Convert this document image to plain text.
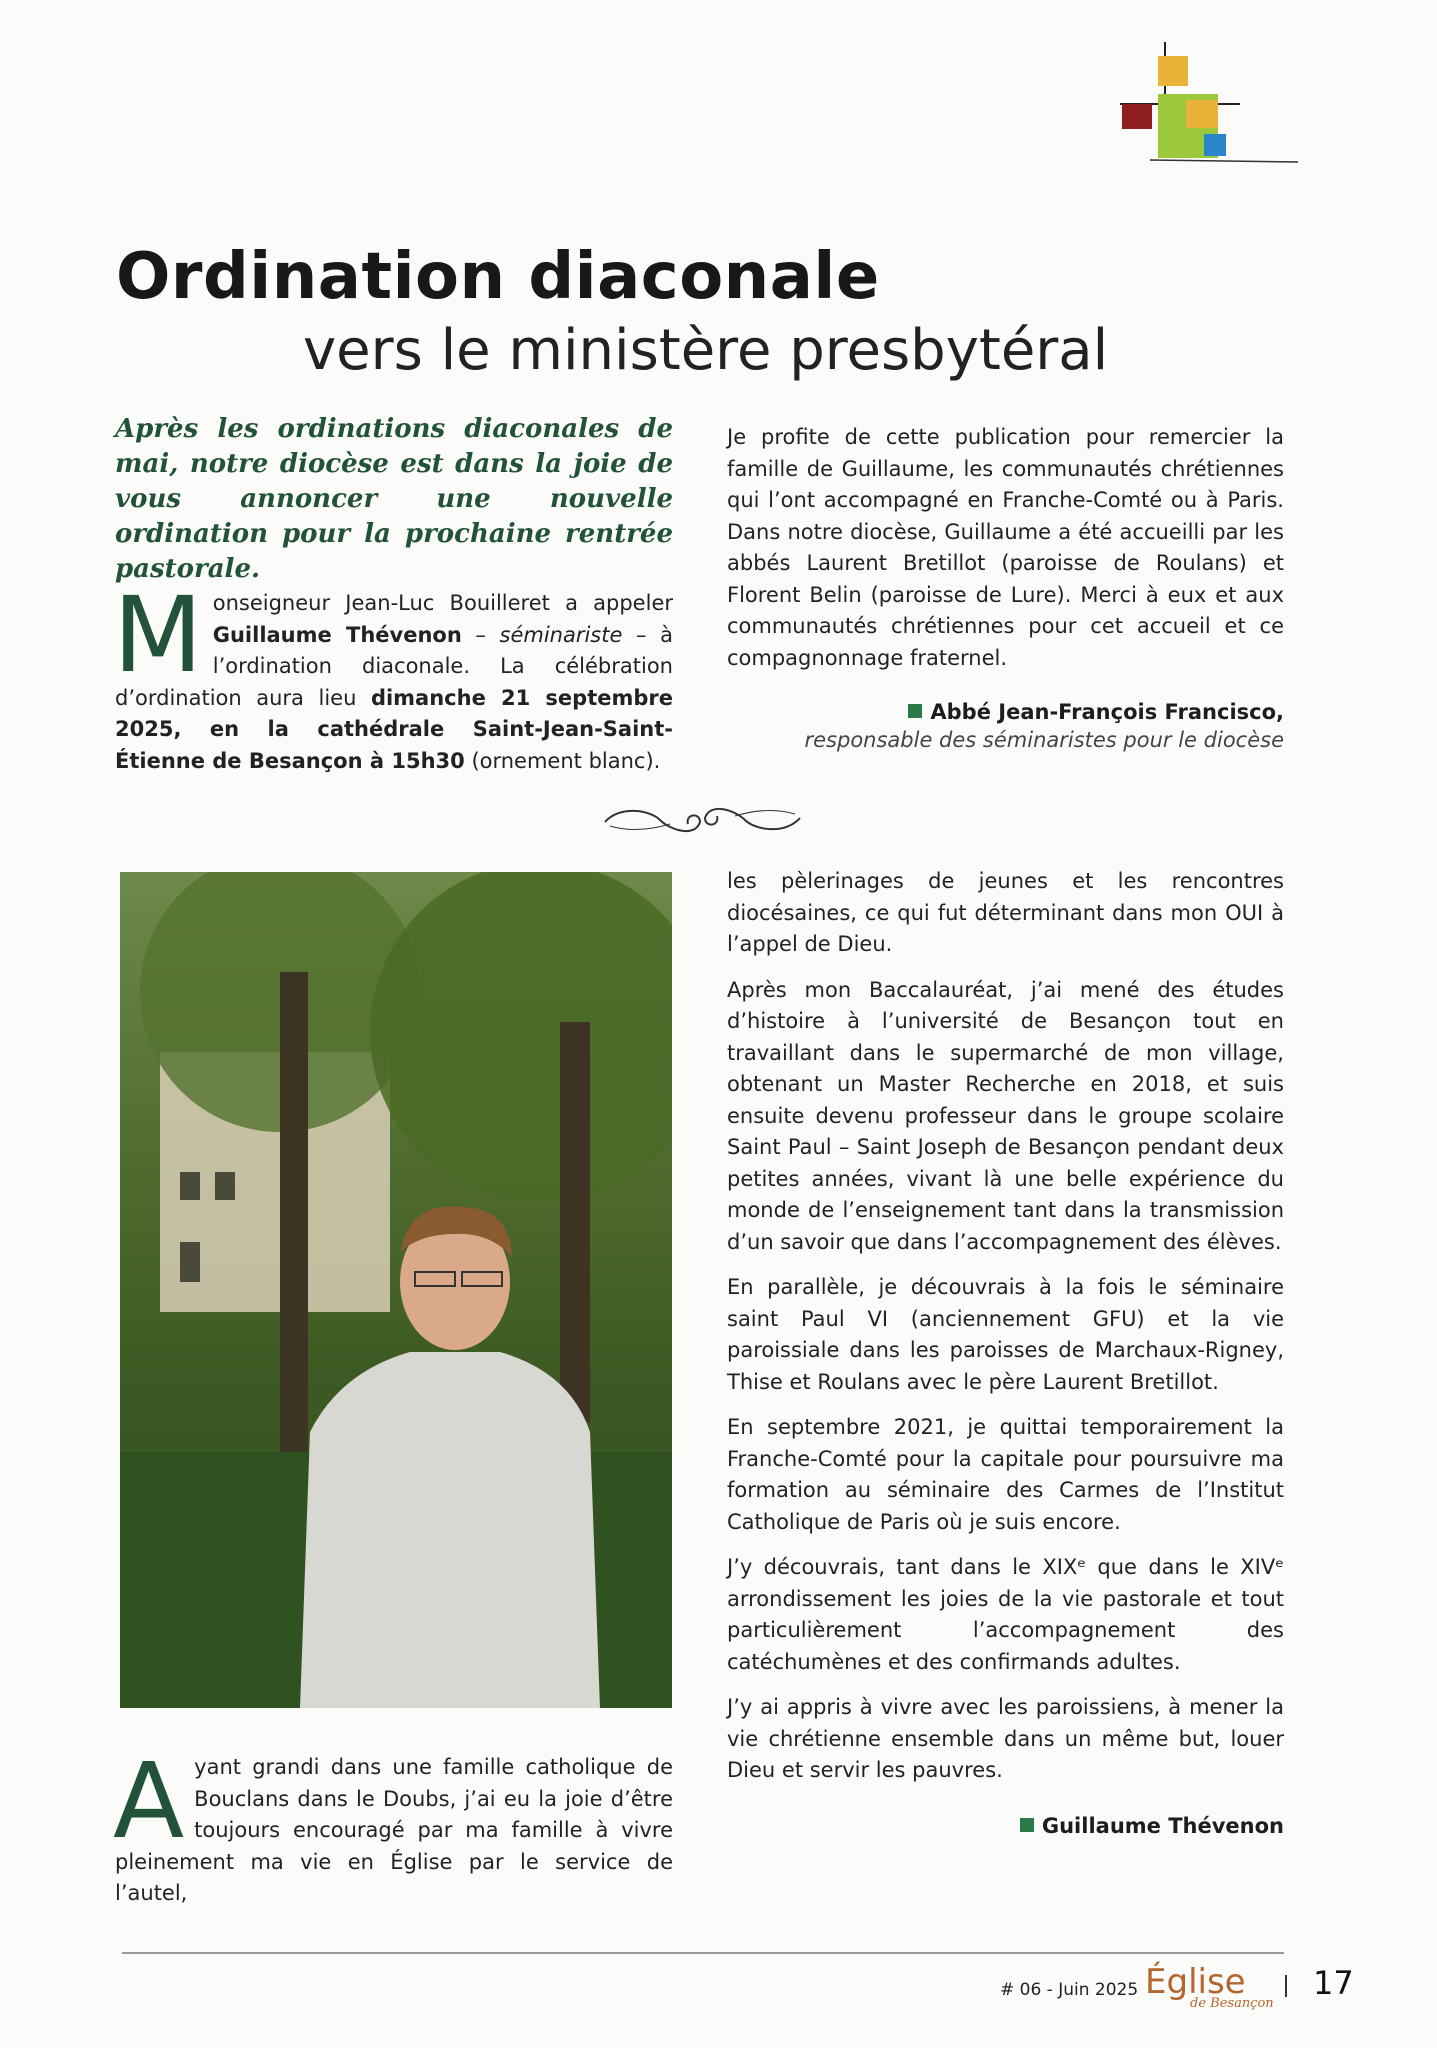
Ordination diaconale
vers le ministère presbytéral
Après les ordinations diaconales de mai, notre diocèse est dans la joie de vous annoncer une nouvelle ordination pour la prochaine rentrée pastorale.
Monseigneur Jean-Luc Bouilleret a appeler Guillaume Thévenon – séminariste – à l’ordination diaconale. La célébration d’ordination aura lieu dimanche 21 septembre 2025, en la cathédrale Saint-Jean-Saint-Étienne de Besançon à 15h30 (ornement blanc).
Je profite de cette publication pour remercier la famille de Guillaume, les communautés chrétiennes qui l’ont accompagné en Franche-Comté ou à Paris. Dans notre diocèse, Guillaume a été accueilli par les abbés Laurent Bretillot (paroisse de Roulans) et Florent Belin (paroisse de Lure). Merci à eux et aux communautés chrétiennes pour cet accueil et ce compagnonnage fraternel.
Abbé Jean-François Francisco,
responsable des séminaristes pour le diocèse
Ayant grandi dans une famille catholique de Bouclans dans le Doubs, j’ai eu la joie d’être toujours encouragé par ma famille à vivre pleinement ma vie en Église par le service de l’autel,

les pèlerinages de jeunes et les rencontres diocésaines, ce qui fut déterminant dans mon OUI à l’appel de Dieu.

Après mon Baccalauréat, j’ai mené des études d’histoire à l’université de Besançon tout en travaillant dans le supermarché de mon village, obtenant un Master Recherche en 2018, et suis ensuite devenu professeur dans le groupe scolaire Saint Paul – Saint Joseph de Besançon pendant deux petites années, vivant là une belle expérience du monde de l’enseignement tant dans la transmission d’un savoir que dans l’accompagnement des élèves.

En parallèle, je découvrais à la fois le séminaire saint Paul VI (anciennement GFU) et la vie paroissiale dans les paroisses de Marchaux-Rigney, Thise et Roulans avec le père Laurent Bretillot.

En septembre 2021, je quittai temporairement la Franche-Comté pour la capitale pour poursuivre ma formation au séminaire des Carmes de l’Institut Catholique de Paris où je suis encore.

J’y découvrais, tant dans le XIXᵉ que dans le XIVᵉ arrondissement les joies de la vie pastorale et tout particulièrement l’accompagnement des catéchumènes et des confirmands adultes.

J’y ai appris à vivre avec les paroissiens, à mener la vie chrétienne ensemble dans un même but, louer Dieu et servir les pauvres.

Guillaume Thévenon
# 06 - Juin 2025 Église
de Besançon
17
